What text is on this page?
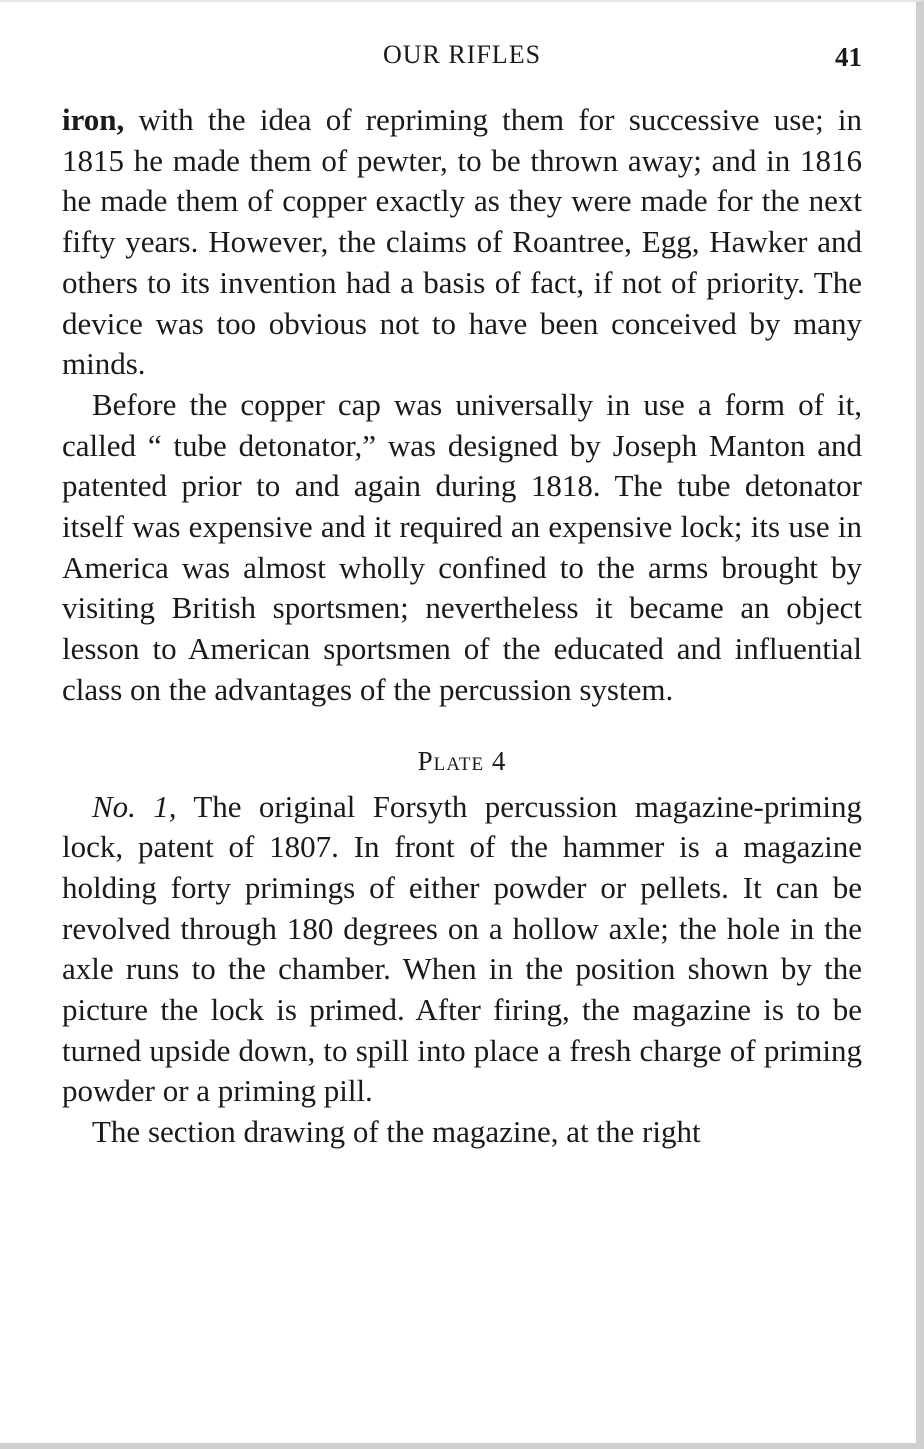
OUR RIFLES	41

iron, with the idea of repriming them for successive use; in 1815 he made them of pewter, to be thrown away; and in 1816 he made them of copper exactly as they were made for the next fifty years. However, the claims of Roantree, Egg, Hawker and others to its invention had a basis of fact, if not of priority. The device was too obvious not to have been conceived by many minds.

Before the copper cap was universally in use a form of it, called “ tube detonator,” was designed by Joseph Manton and patented prior to and again during 1818. The tube detonator itself was expensive and it required an expensive lock; its use in America was almost wholly confined to the arms brought by visiting British sportsmen; nevertheless it became an object lesson to American sportsmen of the educated and influential class on the advantages of the percussion system.

Plate 4

No. 1, The original Forsyth percussion magazine-priming lock, patent of 1807. In front of the hammer is a magazine holding forty primings of either powder or pellets. It can be revolved through 180 degrees on a hollow axle; the hole in the axle runs to the chamber. When in the position shown by the picture the lock is primed. After firing, the magazine is to be turned upside down, to spill into place a fresh charge of priming powder or a priming pill.

The section drawing of the magazine, at the right
